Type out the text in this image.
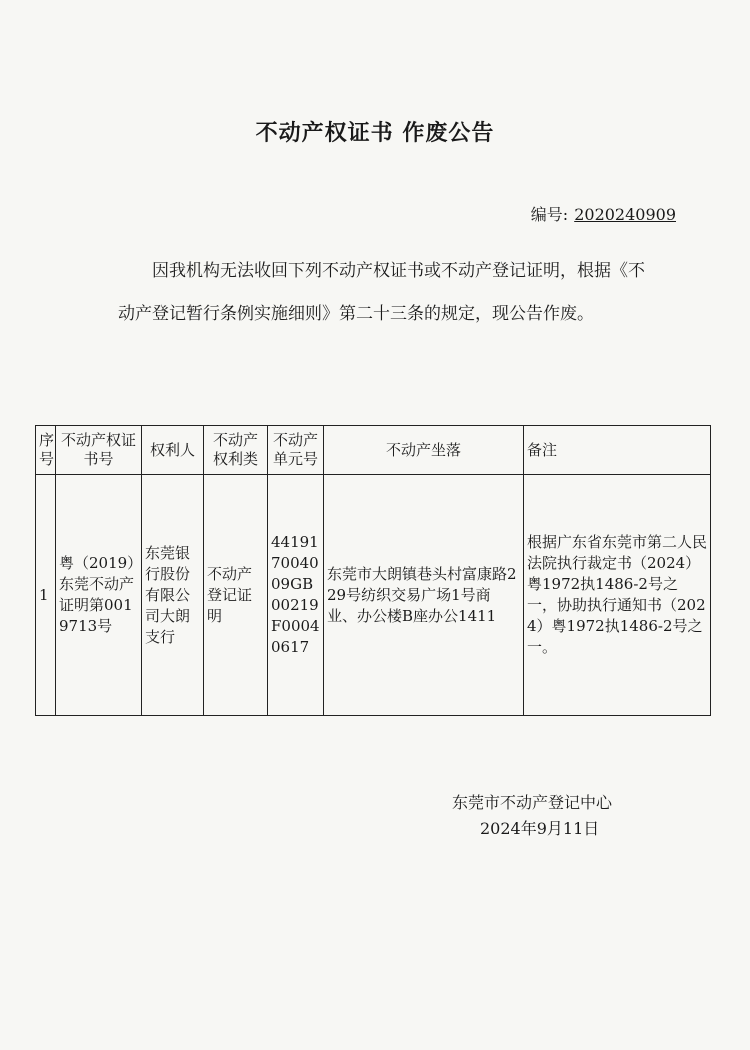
不动产权证书 作废公告
编号: 2020240909
因我机构无法收回下列不动产权证书或不动产登记证明，根据《不动产登记暂行条例实施细则》第二十三条的规定，现公告作废。
序号	不动产权证书号	权利人	不动产权利类	不动产单元号	不动产坐落	备注
1	粤（2019）东莞不动产证明第0019713号	东莞银行股份有限公司大朗支行	不动产登记证明	441917004009GB00219F00040617	东莞市大朗镇巷头村富康路229号纺织交易广场1号商业、办公楼B座办公1411	根据广东省东莞市第二人民法院执行裁定书（2024）粤1972执1486-2号之一，协助执行通知书（2024）粤1972执1486-2号之一。
东莞市不动产登记中心
2024年9月11日
